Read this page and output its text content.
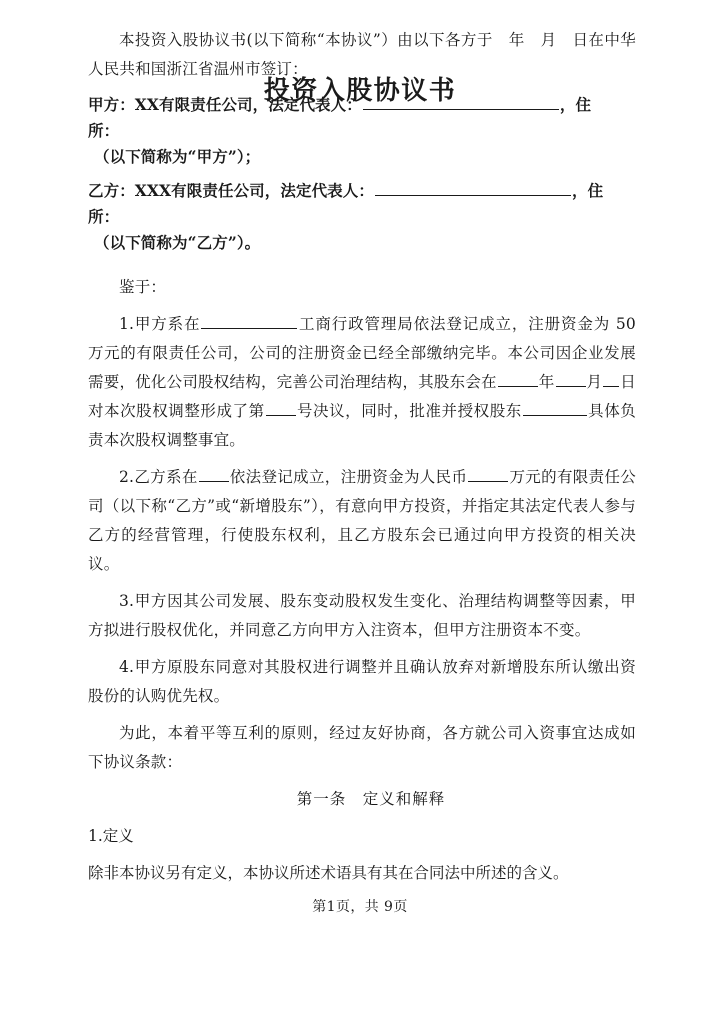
投资入股协议书

本投资入股协议书(以下简称“本协议”）由以下各方于　年　月　日在中华人民共和国浙江省温州市签订：

甲方：XX有限责任公司，法定代表人：	，住　所：
（以下简称为“甲方”）；

乙方：XXX有限责任公司，法定代表人：	，住　所：
（以下简称为“乙方”）。

鉴于：

1.甲方系在	工商行政管理局依法登记成立，注册资金为 50 万元的有限责任公司，公司的注册资金已经全部缴纳完毕。本公司因企业发展需要，优化公司股权结构，完善公司治理结构，其股东会在	年 月 日对本次股权调整形成了第 号决议，同时，批准并授权股东	具体负责本次股权调整事宜。

2.乙方系在 依法登记成立，注册资金为人民币	万元的有限责任公司（以下称“乙方”或“新增股东”），有意向甲方投资，并指定其法定代表人参与乙方的经营管理，行使股东权利，且乙方股东会已通过向甲方投资的相关决议。

3.甲方因其公司发展、股东变动股权发生变化、治理结构调整等因素，甲方拟进行股权优化，并同意乙方向甲方入注资本，但甲方注册资本不变。

4.甲方原股东同意对其股权进行调整并且确认放弃对新增股东所认缴出资股份的认购优先权。

为此，本着平等互利的原则，经过友好协商，各方就公司入资事宜达成如下协议条款：

第一条　定义和解释

1.定义

除非本协议另有定义，本协议所述术语具有其在合同法中所述的含义。

第1页，共 9页
